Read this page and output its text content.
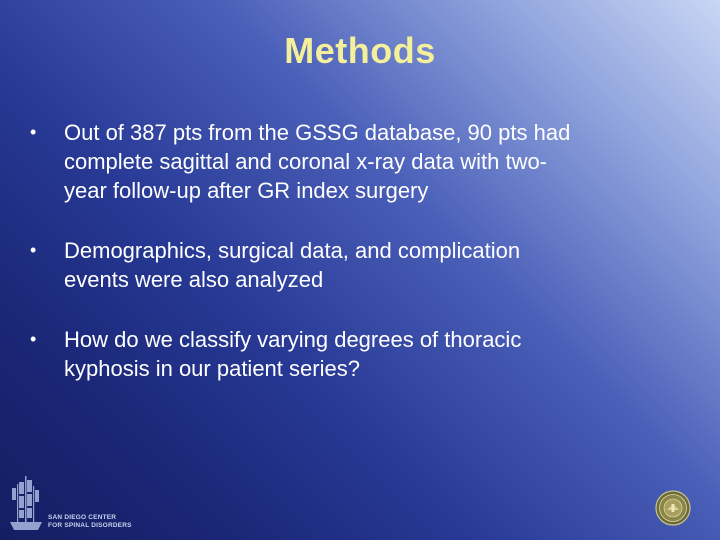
Methods
•	Out of 387 pts from the GSSG database, 90 pts had
complete sagittal and coronal x-ray data with two-
year follow-up after GR index surgery
•	Demographics, surgical data, and complication
events were also analyzed
•	How do we classify varying degrees of thoracic
kyphosis in our patient series?
SAN DIEGO CENTER
FOR SPINAL DISORDERS
